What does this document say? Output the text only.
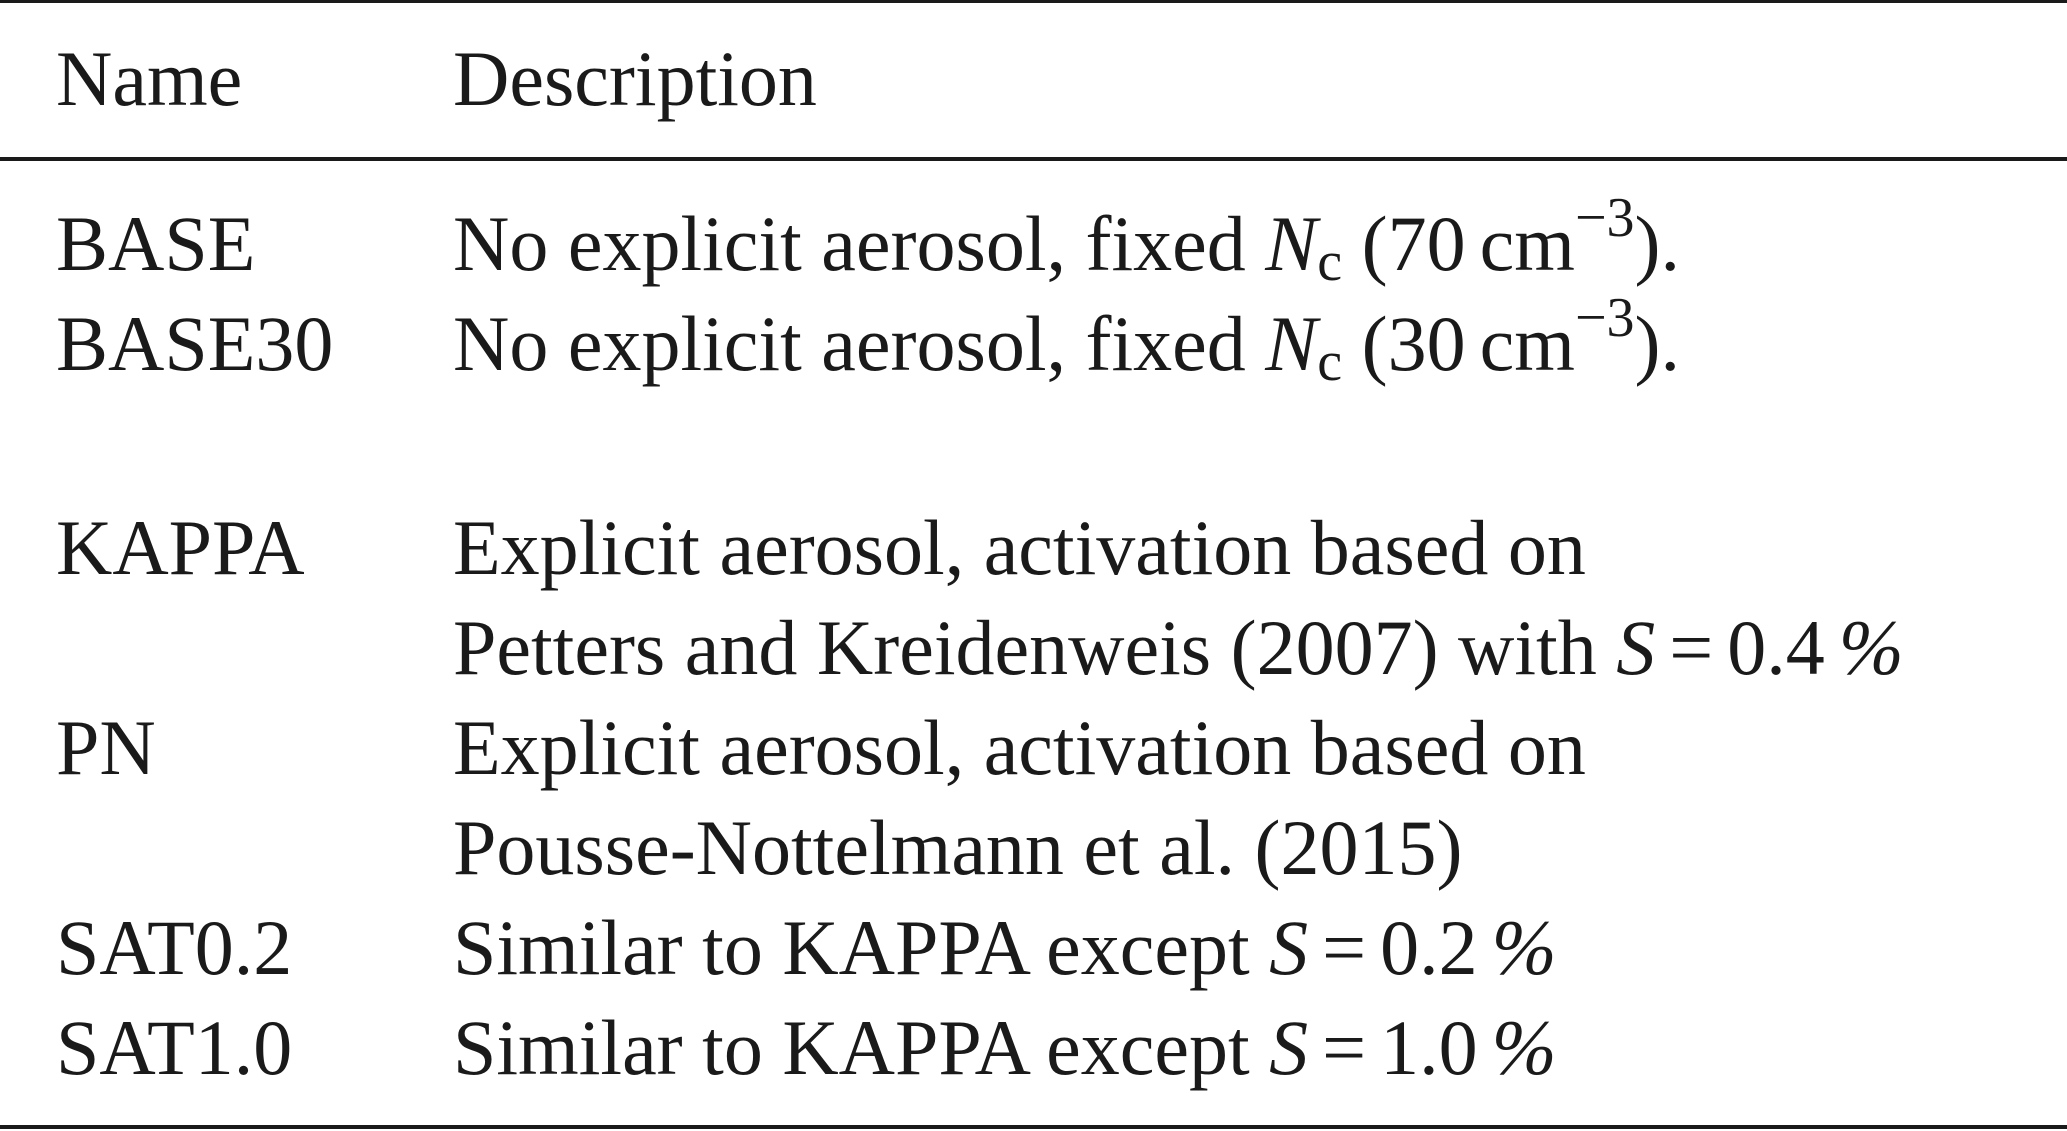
Name	Description
BASE	No explicit aerosol, fixed Nc (70 $cm^{-3}$).
BASE30 No explicit aerosol, fixed Nc (30 $cm^{-3}$).
KAPPA Explicit aerosol, activation based on
Petters and Kreidenweis (2007) with S = 0.4 %
PN	Explicit aerosol, activation based on
Pousse-Nottelmann et al. (2015)
SAT0.2 Similar to KAPPA except S = 0.2 %
SAT1.0 Similar to KAPPA except S = 1.0 %
